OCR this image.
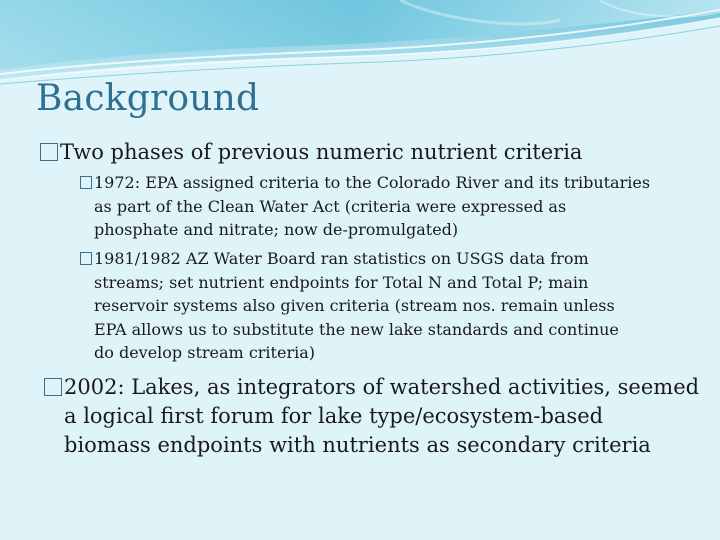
Background
Two phases of previous numeric nutrient criteria
1972: EPA assigned criteria to the Colorado River and its tributaries
as part of the Clean Water Act (criteria were expressed as
phosphate and nitrate; now de-promulgated)
1981/1982 AZ Water Board ran statistics on USGS data from
streams; set nutrient endpoints for Total N and Total P; main
reservoir systems also given criteria (stream nos. remain unless
EPA allows us to substitute the new lake standards and continue
do develop stream criteria)
2002: Lakes, as integrators of watershed activities, seemed
a logical first forum for lake type/ecosystem-based
biomass endpoints with nutrients as secondary criteria
